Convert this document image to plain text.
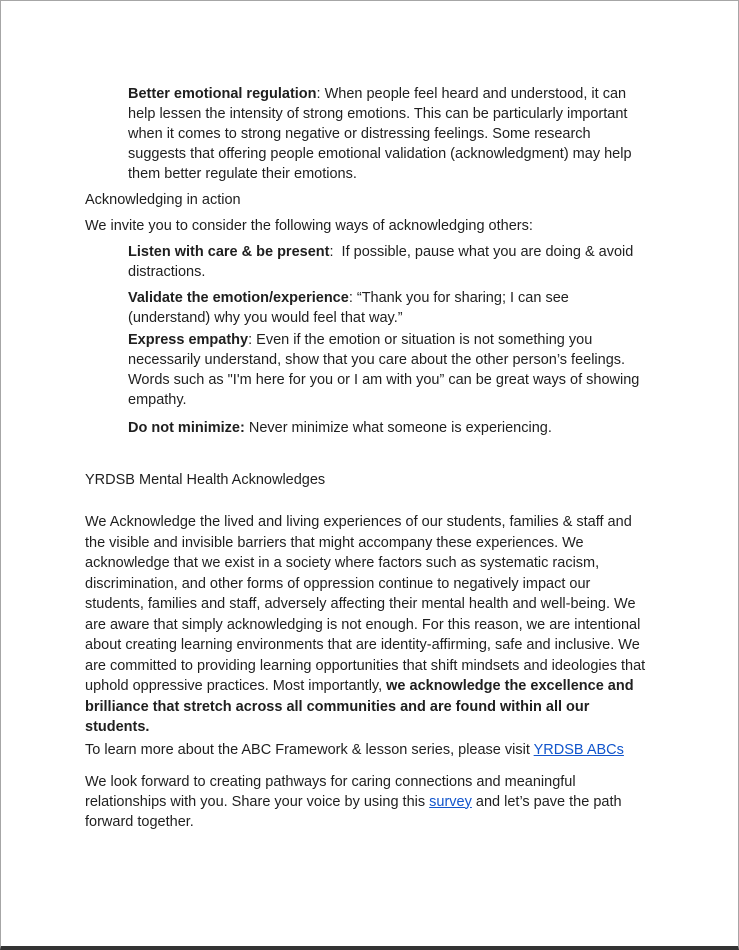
Better emotional regulation: When people feel heard and understood, it can help lessen the intensity of strong emotions. This can be particularly important when it comes to strong negative or distressing feelings. Some research suggests that offering people emotional validation (acknowledgment) may help them better regulate their emotions.

Acknowledging in action

We invite you to consider the following ways of acknowledging others:

Listen with care & be present:  If possible, pause what you are doing & avoid distractions.

Validate the emotion/experience: “Thank you for sharing; I can see (understand) why you would feel that way.”

Express empathy: Even if the emotion or situation is not something you necessarily understand, show that you care about the other person’s feelings. Words such as "I'm here for you or I am with you” can be great ways of showing empathy.

Do not minimize: Never minimize what someone is experiencing.

YRDSB Mental Health Acknowledges

We Acknowledge the lived and living experiences of our students, families & staff and the visible and invisible barriers that might accompany these experiences. We acknowledge that we exist in a society where factors such as systematic racism, discrimination, and other forms of oppression continue to negatively impact our students, families and staff, adversely affecting their mental health and well-being. We are aware that simply acknowledging is not enough. For this reason, we are intentional about creating learning environments that are identity-affirming, safe and inclusive. We are committed to providing learning opportunities that shift mindsets and ideologies that uphold oppressive practices. Most importantly, we acknowledge the excellence and brilliance that stretch across all communities and are found within all our students.

To learn more about the ABC Framework & lesson series, please visit YRDSB ABCs

We look forward to creating pathways for caring connections and meaningful relationships with you. Share your voice by using this survey and let’s pave the path forward together.
